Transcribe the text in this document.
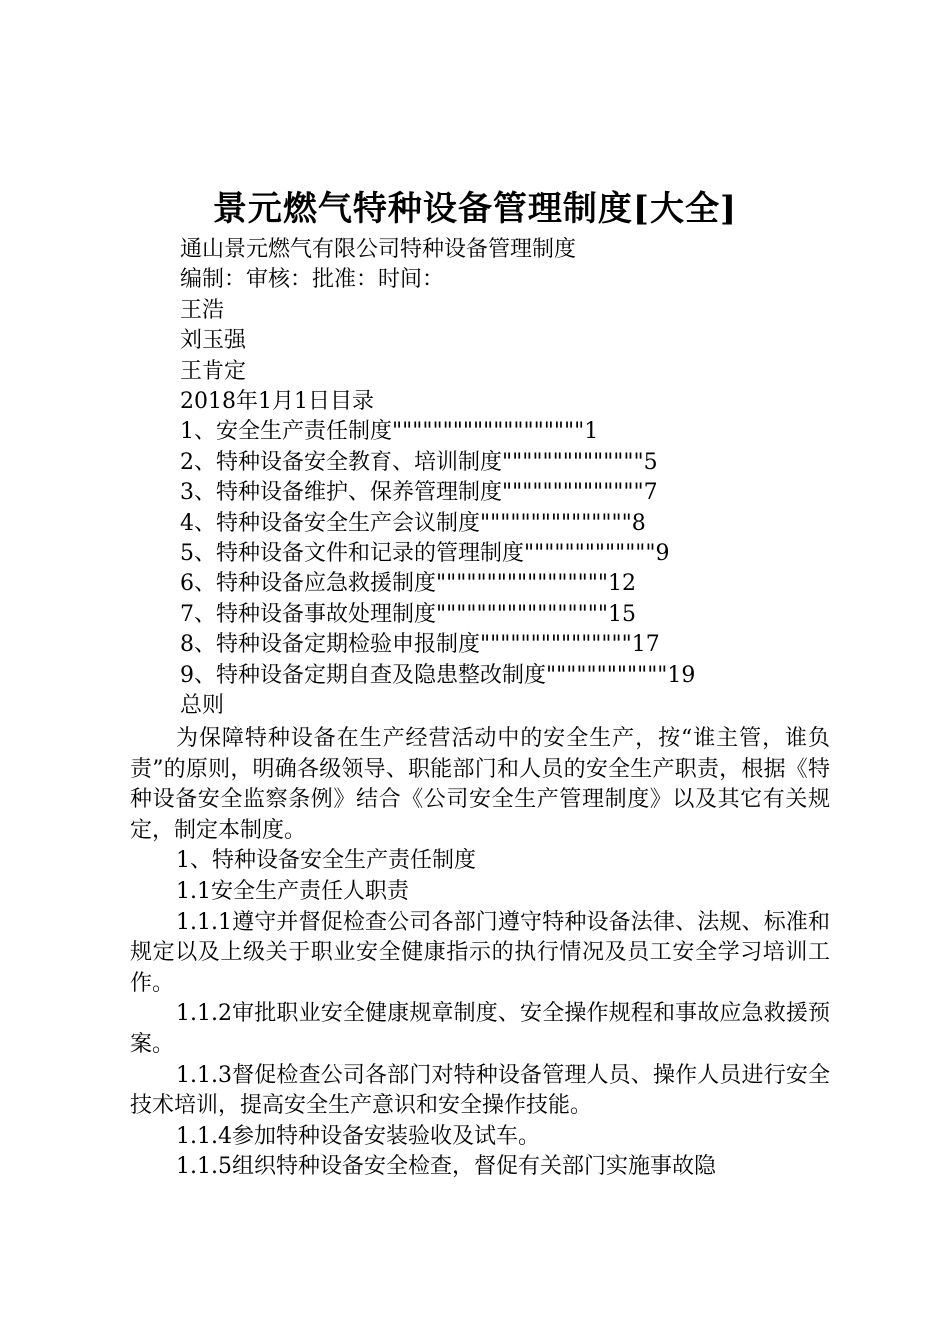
景元燃气特种设备管理制度[大全]
通山景元燃气有限公司特种设备管理制度
编制：审核：批准：时间：
王浩
刘玉强
王肯定
2018年1月1日目录
1、安全生产责任制度"""""""""""""""""""1
2、特种设备安全教育、培训制度""""""""""""""5
3、特种设备维护、保养管理制度""""""""""""""7
4、特种设备安全生产会议制度"""""""""""""""8
5、特种设备文件和记录的管理制度"""""""""""""9
6、特种设备应急救援制度"""""""""""""""""12
7、特种设备事故处理制度"""""""""""""""""15
8、特种设备定期检验申报制度"""""""""""""""17
9、特种设备定期自查及隐患整改制度""""""""""""19
总则

为保障特种设备在生产经营活动中的安全生产，按“谁主管，谁负责”的原则，明确各级领导、职能部门和人员的安全生产职责，根据《特种设备安全监察条例》结合《公司安全生产管理制度》以及其它有关规定，制定本制度。

1、特种设备安全生产责任制度

1.1安全生产责任人职责

1.1.1遵守并督促检查公司各部门遵守特种设备法律、法规、标准和规定以及上级关于职业安全健康指示的执行情况及员工安全学习培训工作。

1.1.2审批职业安全健康规章制度、安全操作规程和事故应急救援预案。

1.1.3督促检查公司各部门对特种设备管理人员、操作人员进行安全技术培训，提高安全生产意识和安全操作技能。

1.1.4参加特种设备安装验收及试车。

1.1.5组织特种设备安全检查，督促有关部门实施事故隐
